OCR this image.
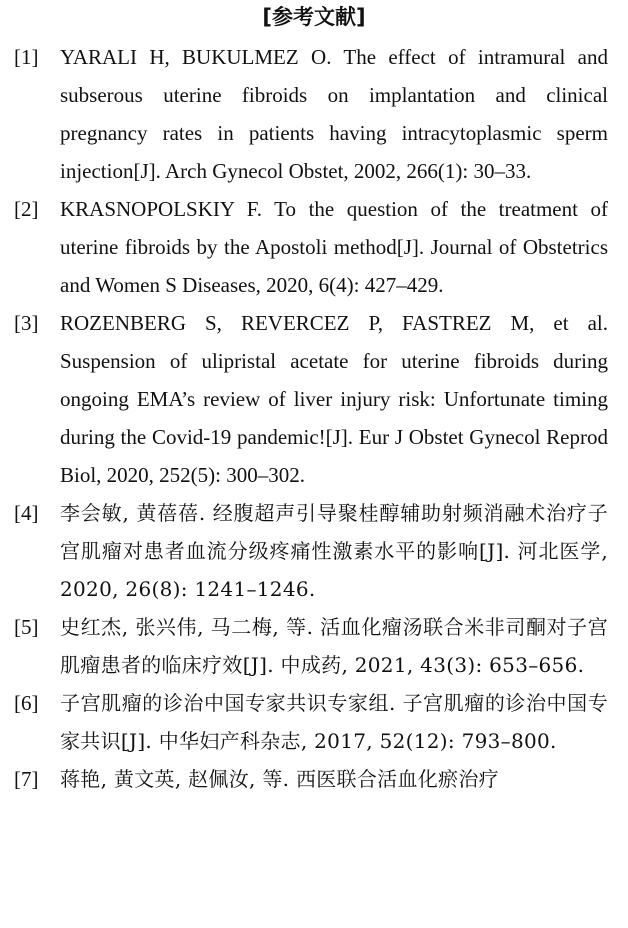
[参考文献]
[1]	YARALI H, BUKULMEZ O. The effect of intramural and subserous uterine fibroids on implantation and clinical pregnancy rates in patients having intracytoplasmic sperm injection[J]. Arch Gynecol Obstet, 2002, 266(1): 30–33.
[2]	KRASNOPOLSKIY F. To the question of the treatment of uterine fibroids by the Apostoli method[J]. Journal of Obstetrics and Women S Diseases, 2020, 6(4): 427–429.
[3]	ROZENBERG S, REVERCEZ P, FASTREZ M, et al. Suspension of ulipristal acetate for uterine fibroids during ongoing EMA’s review of liver injury risk: Unfortunate timing during the Covid-19 pandemic![J]. Eur J Obstet Gynecol Reprod Biol, 2020, 252(5): 300–302.
[4]	李会敏, 黄蓓蓓. 经腹超声引导聚桂醇辅助射频消融术治疗子宫肌瘤对患者血流分级疼痛性激素水平的影响[J]. 河北医学, 2020, 26(8): 1241–1246.
[5]	史红杰, 张兴伟, 马二梅, 等. 活血化瘤汤联合米非司酮对子宫肌瘤患者的临床疗效[J]. 中成药, 2021, 43(3): 653–656.
[6]	子宫肌瘤的诊治中国专家共识专家组. 子宫肌瘤的诊治中国专家共识[J]. 中华妇产科杂志, 2017, 52(12): 793–800.
[7]	蒋艳, 黄文英, 赵佩汝, 等. 西医联合活血化瘀治疗
